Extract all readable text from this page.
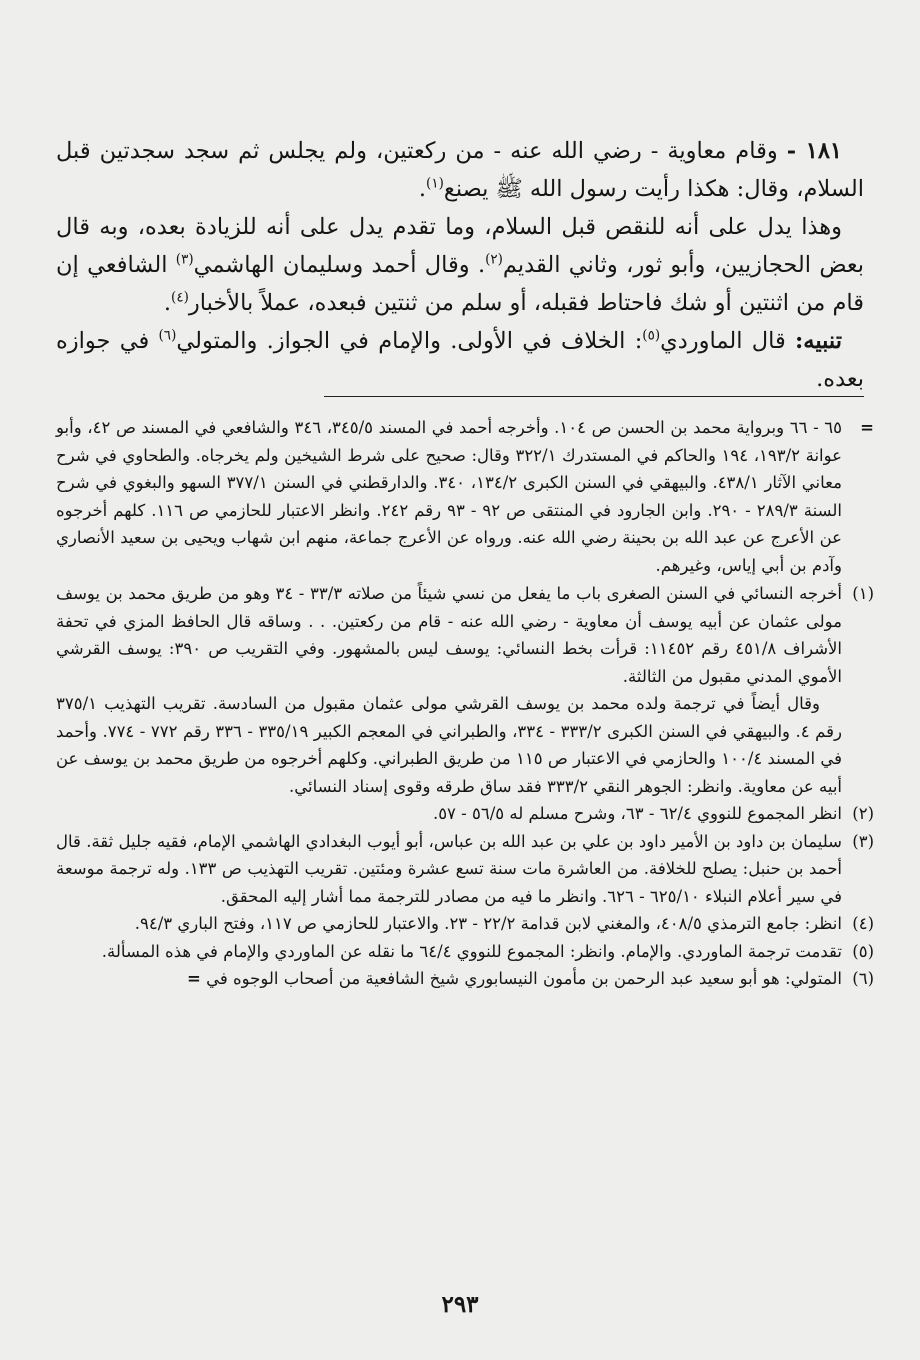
١٨١ - وقام معاوية - رضي الله عنه - من ركعتين، ولم يجلس ثم سجد سجدتين قبل السلام، وقال: هكذا رأيت رسول الله ﷺ يصنع$^{(١)}$.

وهذا يدل على أنه للنقص قبل السلام، وما تقدم يدل على أنه للزيادة بعده، وبه قال بعض الحجازيين، وأبو ثور، وثاني القديم$^{(٢)}$. وقال أحمد وسليمان الهاشمي$^{(٣)}$ الشافعي إن قام من اثنتين أو شك فاحتاط فقبله، أو سلم من ثنتين فبعده، عملاً بالأخبار$^{(٤)}$.

تنبيه: قال الماوردي$^{(٥)}$: الخلاف في الأولى. والإمام في الجواز. والمتولي$^{(٦)}$ في جوازه بعده.

=
٦٥ - ٦٦ وبرواية محمد بن الحسن ص ١٠٤. وأخرجه أحمد في المسند ٣٤٥/٥، ٣٤٦ والشافعي في المسند ص ٤٢، وأبو عوانة ١٩٣/٢، ١٩٤ والحاكم في المستدرك ٣٢٢/١ وقال: صحيح على شرط الشيخين ولم يخرجاه. والطحاوي في شرح معاني الآثار ٤٣٨/١. والبيهقي في السنن الكبرى ١٣٤/٢، ٣٤٠. والدارقطني في السنن ٣٧٧/١ السهو والبغوي في شرح السنة ٢٨٩/٣ - ٢٩٠. وابن الجارود في المنتقى ص ٩٢ - ٩٣ رقم ٢٤٢. وانظر الاعتبار للحازمي ص ١١٦. كلهم أخرجوه عن الأعرج عن عبد الله بن بحينة رضي الله عنه. ورواه عن الأعرج جماعة، منهم ابن شهاب ويحيى بن سعيد الأنصاري وآدم بن أبي إياس، وغيرهم.
(١)
أخرجه النسائي في السنن الصغرى باب ما يفعل من نسي شيئاً من صلاته ٣٣/٣ - ٣٤ وهو من طريق محمد بن يوسف مولى عثمان عن أبيه يوسف أن معاوية - رضي الله عنه - قام من ركعتين. . . وساقه قال الحافظ المزي في تحفة الأشراف ٤٥١/٨ رقم ١١٤٥٢: قرأت بخط النسائي: يوسف ليس بالمشهور. وفي التقريب ص ٣٩٠: يوسف القرشي الأموي المدني مقبول من الثالثة.
وقال أيضاً في ترجمة ولده محمد بن يوسف القرشي مولى عثمان مقبول من السادسة. تقريب التهذيب ٣٧٥/١ رقم ٤. والبيهقي في السنن الكبرى ٣٣٣/٢ - ٣٣٤، والطبراني في المعجم الكبير ٣٣٥/١٩ - ٣٣٦ رقم ٧٧٢ - ٧٧٤. وأحمد في المسند ١٠٠/٤ والحازمي في الاعتبار ص ١١٥ من طريق الطبراني. وكلهم أخرجوه من طريق محمد بن يوسف عن أبيه عن معاوية. وانظر: الجوهر النقي ٣٣٣/٢ فقد ساق طرقه وقوى إسناد النسائي.
(٢)
انظر المجموع للنووي ٦٢/٤ - ٦٣، وشرح مسلم له ٥٦/٥ - ٥٧.
(٣)
سليمان بن داود بن الأمير داود بن علي بن عبد الله بن عباس، أبو أيوب البغدادي الهاشمي الإمام، فقيه جليل ثقة. قال أحمد بن حنبل: يصلح للخلافة. من العاشرة مات سنة تسع عشرة ومئتين. تقريب التهذيب ص ١٣٣. وله ترجمة موسعة في سير أعلام النبلاء ٦٢٥/١٠ - ٦٢٦. وانظر ما فيه من مصادر للترجمة مما أشار إليه المحقق.
(٤)
انظر: جامع الترمذي ٤٠٨/٥، والمغني لابن قدامة ٢٢/٢ - ٢٣. والاعتبار للحازمي ص ١١٧، وفتح الباري ٩٤/٣.
(٥)
تقدمت ترجمة الماوردي. والإمام. وانظر: المجموع للنووي ٦٤/٤ ما نقله عن الماوردي والإمام في هذه المسألة.
(٦)
المتولي: هو أبو سعيد عبد الرحمن بن مأمون النيسابوري شيخ الشافعية من أصحاب الوجوه في =
٢٩٣
